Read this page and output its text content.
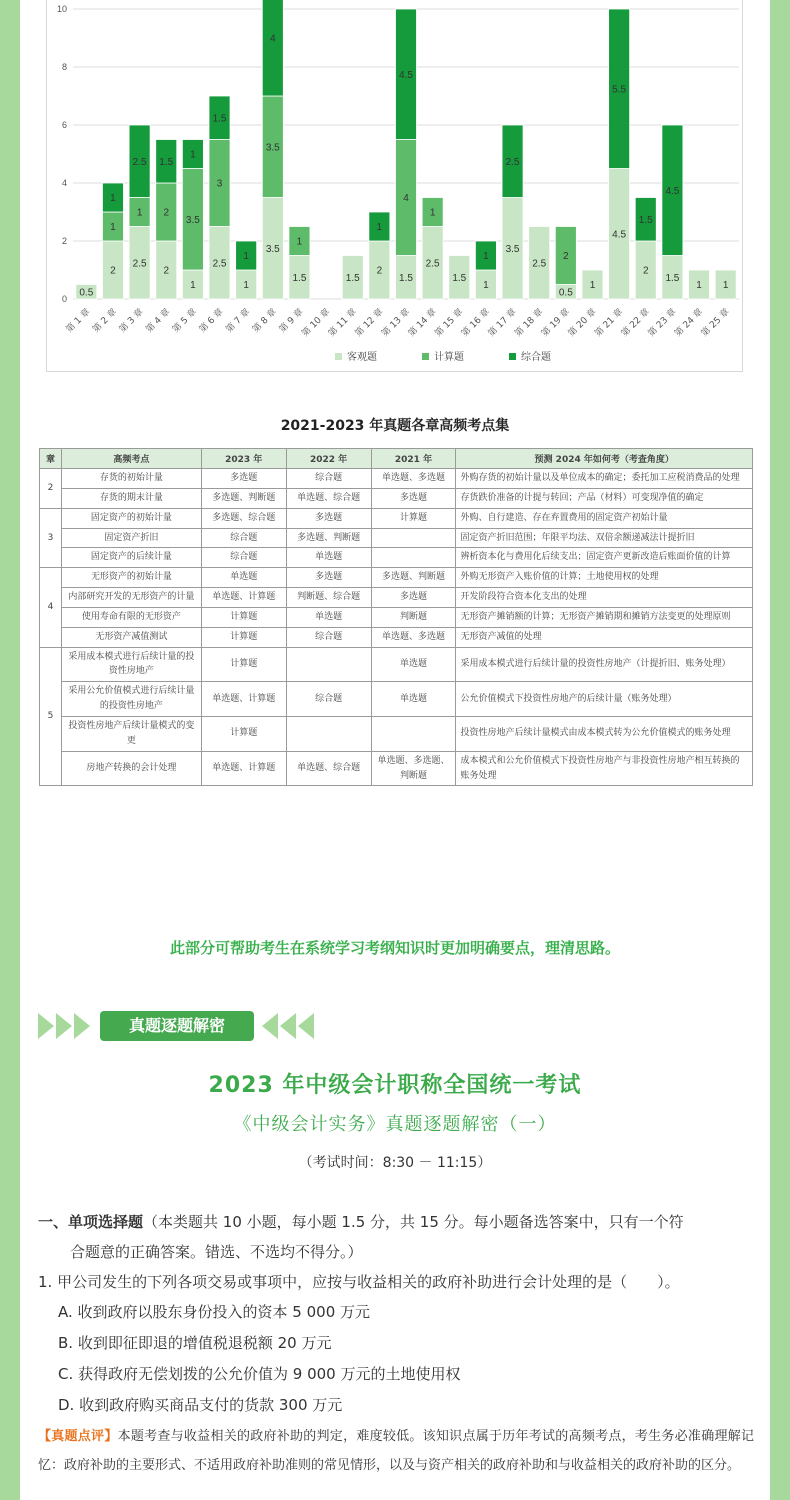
0
2
4
6
8
10
0.5
第 1 章
2
1
1
第 2 章
2.5
1
2.5
第 3 章
2
2
1.5
第 4 章
1
3.5
1
第 5 章
2.5
3
1.5
第 6 章
1
1
第 7 章
3.5
3.5
4
第 8 章
1.5
1
第 9 章
第 10 章
1.5
第 11 章
2
1
第 12 章
1.5
4
4.5
第 13 章
2.5
1
第 14 章
1.5
第 15 章
1
1
第 16 章
3.5
2.5
第 17 章
2.5
第 18 章
0.5
2
第 19 章
1
第 20 章
4.5
5.5
第 21 章
2
1.5
第 22 章
1.5
4.5
第 23 章
1
第 24 章
1
第 25 章
客观题	计算题	综合题
2021-2023 年真题各章高频考点集
章	高频考点	2023 年	2022 年	2021 年	预测 2024 年如何考（考查角度）
2	存货的初始计量	多选题	综合题	单选题、多选题	外购存货的初始计量以及单位成本的确定；委托加工应税消费品的处理
	存货的期末计量	多选题、判断题	单选题、综合题	多选题	存货跌价准备的计提与转回；产品（材料）可变现净值的确定
3	固定资产的初始计量	多选题、综合题	多选题	计算题	外购、自行建造、存在弃置费用的固定资产初始计量
	固定资产折旧	综合题	多选题、判断题		固定资产折旧范围；年限平均法、双倍余额递减法计提折旧
	固定资产的后续计量	综合题	单选题		辨析资本化与费用化后续支出；固定资产更新改造后账面价值的计算
4	无形资产的初始计量	单选题	多选题	多选题、判断题	外购无形资产入账价值的计算；土地使用权的处理
	内部研究开发的无形资产的计量	单选题、计算题	判断题、综合题	多选题	开发阶段符合资本化支出的处理
	使用寿命有限的无形资产	计算题	单选题	判断题	无形资产摊销额的计算；无形资产摊销期和摊销方法变更的处理原则
	无形资产减值测试	计算题	综合题	单选题、多选题	无形资产减值的处理
5	采用成本模式进行后续计量的投资性房地产	计算题		单选题	采用成本模式进行后续计量的投资性房地产（计提折旧、账务处理）
	采用公允价值模式进行后续计量的投资性房地产	单选题、计算题	综合题	单选题	公允价值模式下投资性房地产的后续计量（账务处理）
	投资性房地产后续计量模式的变更	计算题			投资性房地产后续计量模式由成本模式转为公允价值模式的账务处理
	房地产转换的会计处理	单选题、计算题	单选题、综合题	单选题、多选题、判断题	成本模式和公允价值模式下投资性房地产与非投资性房地产相互转换的账务处理
此部分可帮助考生在系统学习考纲知识时更加明确要点，理清思路。
真题逐题解密
2023 年中级会计职称全国统一考试
《中级会计实务》真题逐题解密（一）
（考试时间：8:30 － 11:15）
一、单项选择题（本类题共 10 小题，每小题 1.5 分，共 15 分。每小题备选答案中，只有一个符
合题意的正确答案。错选、不选均不得分。）
1. 甲公司发生的下列各项交易或事项中，应按与收益相关的政府补助进行会计处理的是（　　）。
A. 收到政府以股东身份投入的资本 5 000 万元
B. 收到即征即退的增值税退税额 20 万元
C. 获得政府无偿划拨的公允价值为 9 000 万元的土地使用权
D. 收到政府购买商品支付的货款 300 万元
【真题点评】本题考查与收益相关的政府补助的判定，难度较低。该知识点属于历年考试的高频考点，考生务必准确理解记忆：政府补助的主要形式、不适用政府补助准则的常见情形，以及与资产相关的政府补助和与收益相关的政府补助的区分。
